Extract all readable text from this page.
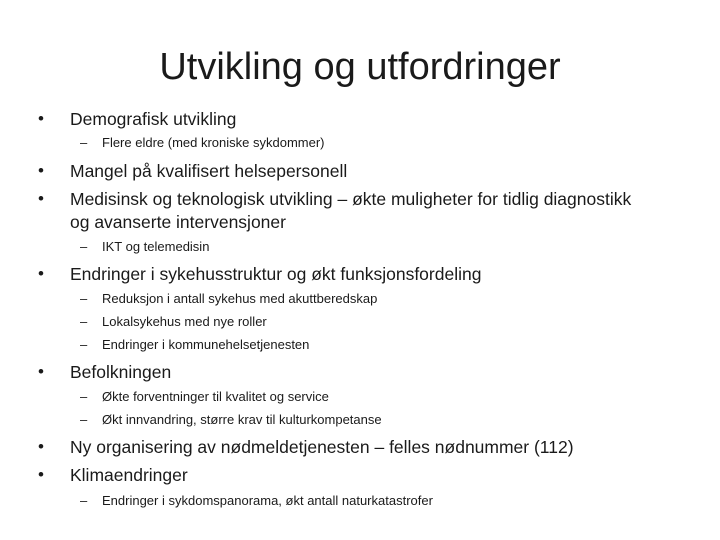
Utvikling og utfordringer
• Demografisk utvikling
– Flere eldre (med kroniske sykdommer)
• Mangel på kvalifisert helsepersonell
• Medisinsk og teknologisk utvikling – økte muligheter for tidlig diagnostikk
og avanserte intervensjoner
– IKT og telemedisin
• Endringer i sykehusstruktur og økt funksjonsfordeling
– Reduksjon i antall sykehus med akuttberedskap
– Lokalsykehus med nye roller
– Endringer i kommunehelsetjenesten
• Befolkningen
– Økte forventninger til kvalitet og service
– Økt innvandring, større krav til kulturkompetanse
• Ny organisering av nødmeldetjenesten – felles nødnummer (112)
• Klimaendringer
– Endringer i sykdomspanorama, økt antall naturkatastrofer
